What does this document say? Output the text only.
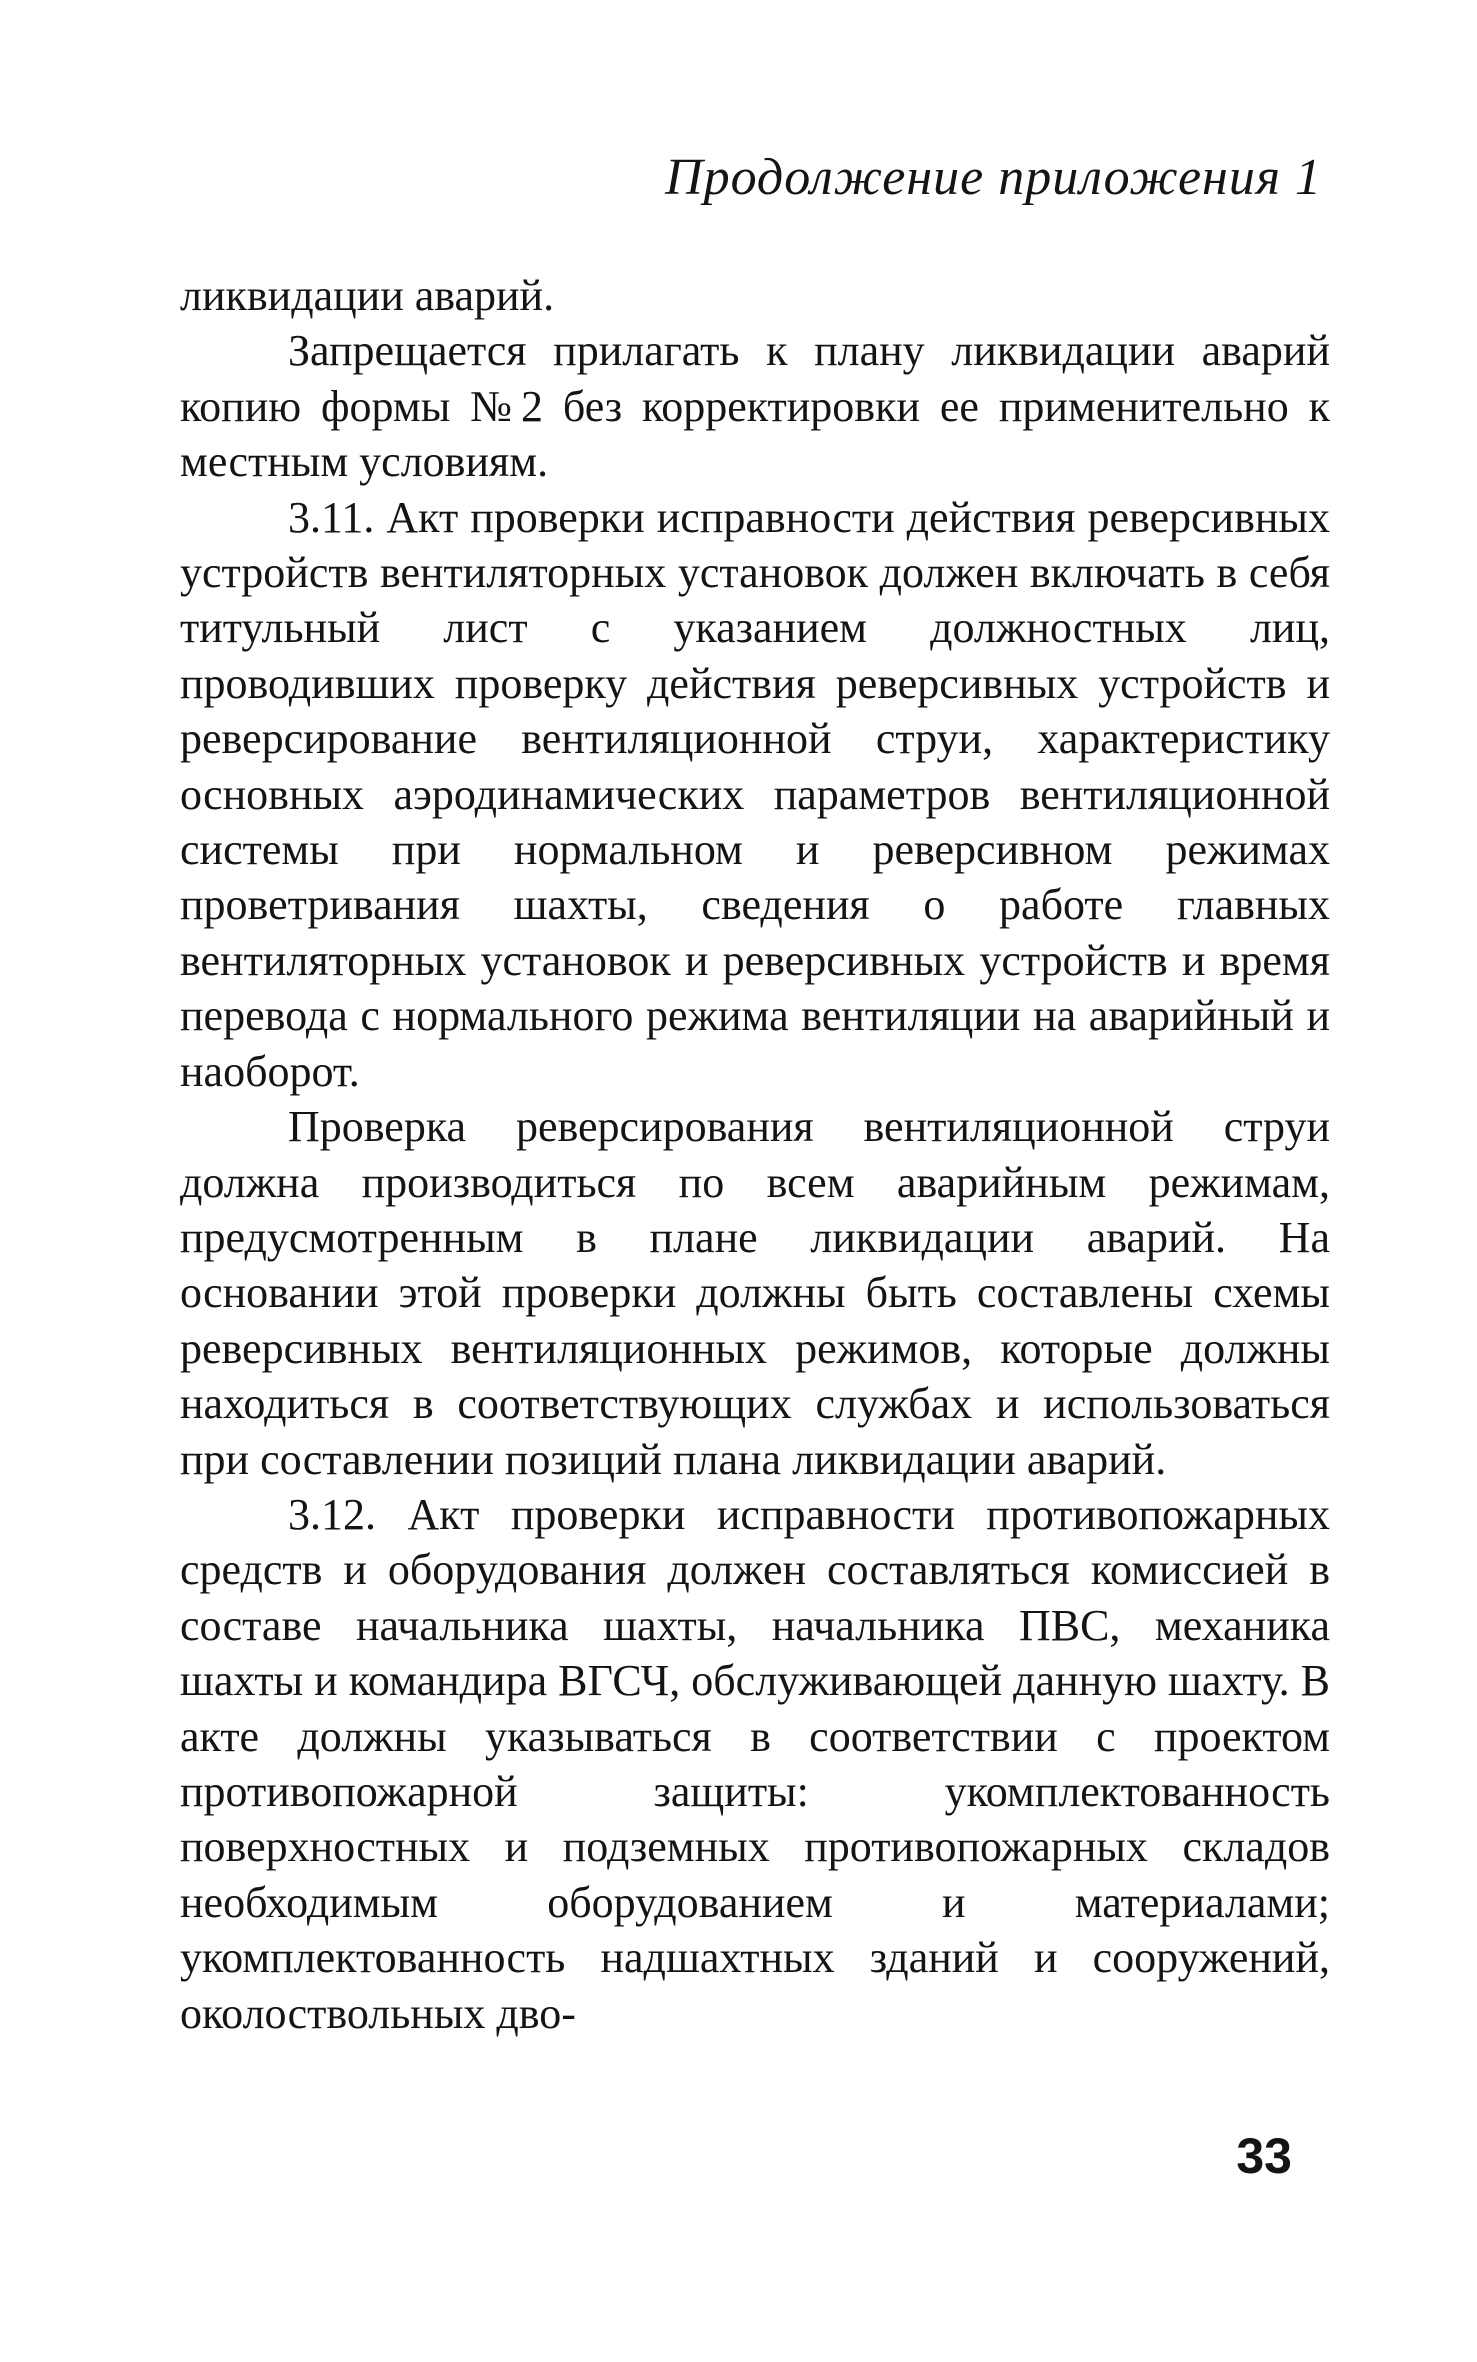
Продолжение приложения 1

ликвидации аварий.

Запрещается прилагать к плану ликвидации аварий копию формы №2 без корректировки ее применительно к местным условиям.

3.11. Акт проверки исправности действия реверсивных устройств вентиляторных установок должен включать в себя титульный лист с указанием должностных лиц, проводивших проверку действия реверсивных устройств и реверсирование вентиляционной струи, характеристику основных аэродинамических параметров вентиляционной системы при нормальном и реверсивном режимах проветривания шахты, сведения о работе главных вентиляторных установок и реверсивных устройств и время перевода с нормального режима вентиляции на аварийный и наоборот.

Проверка реверсирования вентиляционной струи должна производиться по всем аварийным режимам, предусмотренным в плане ликвидации аварий. На основании этой проверки должны быть составлены схемы реверсивных вентиляционных режимов, которые должны находиться в соответствующих службах и использоваться при составлении позиций плана ликвидации аварий.

3.12. Акт проверки исправности противопожарных средств и оборудования должен составляться комиссией в составе начальника шахты, начальника ПВС, механика шахты и командира ВГСЧ, обслуживающей данную шахту. В акте должны указываться в соответствии с проектом противопожарной защиты: укомплектованность поверхностных и подземных противопожарных складов необходимым оборудованием и материалами; укомплектованность надшахтных зданий и сооружений, околоствольных дво-

33
